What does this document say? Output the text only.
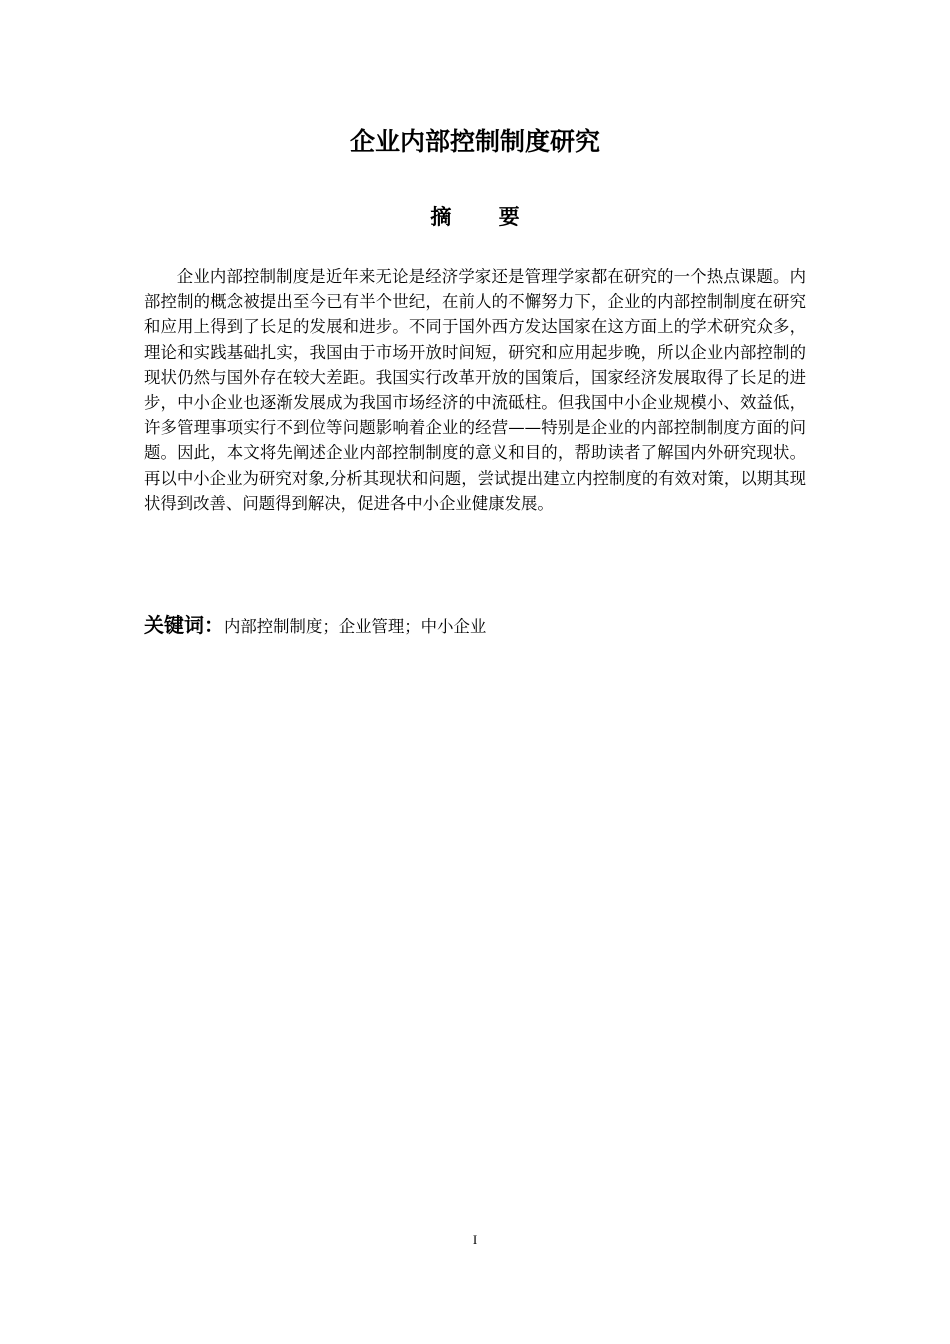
企业内部控制制度研究
摘 要

企业内部控制制度是近年来无论是经济学家还是管理学家都在研究的一个热点课题。内部控制的概念被提出至今已有半个世纪，在前人的不懈努力下，企业的内部控制制度在研究和应用上得到了长足的发展和进步。不同于国外西方发达国家在这方面上的学术研究众多，理论和实践基础扎实，我国由于市场开放时间短，研究和应用起步晚，所以企业内部控制的现状仍然与国外存在较大差距。我国实行改革开放的国策后，国家经济发展取得了长足的进步，中小企业也逐渐发展成为我国市场经济的中流砥柱。但我国中小企业规模小、效益低，许多管理事项实行不到位等问题影响着企业的经营——特别是企业的内部控制制度方面的问题。因此，本文将先阐述企业内部控制制度的意义和目的，帮助读者了解国内外研究现状。再以中小企业为研究对象,分析其现状和问题，尝试提出建立内控制度的有效对策，以期其现状得到改善、问题得到解决，促进各中小企业健康发展。

关键词：内部控制制度；企业管理；中小企业

I
